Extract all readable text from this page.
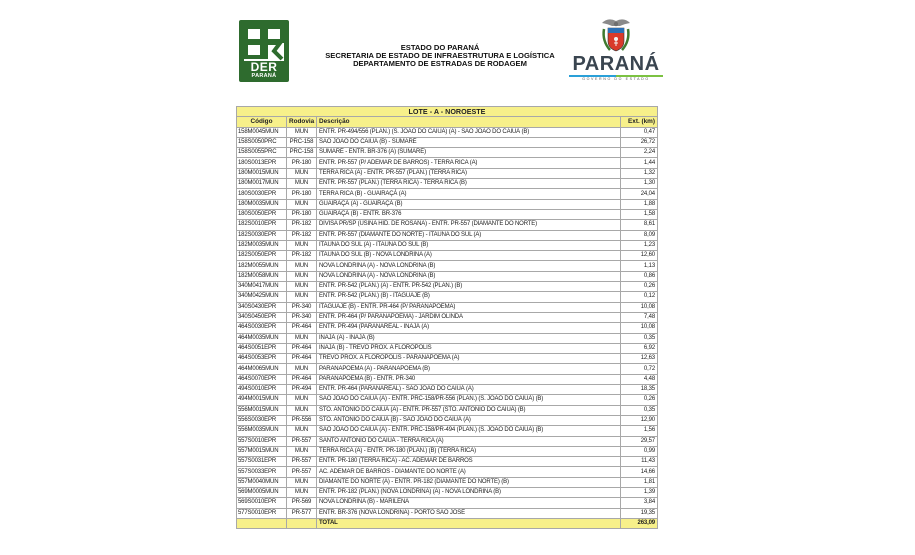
DER
PARANÁ
ESTADO DO PARANÁ
SECRETARIA DE ESTADO DE INFRAESTRUTURA E LOGÍSTICA
DEPARTAMENTO DE ESTRADAS DE RODAGEM	PARANÁ
GOVERNO DO ESTADO
LOTE - A - NOROESTE			
Código	Rodovia	Descrição	Ext. (km)
158M0045MUN	MUN	ENTR. PR-494/556 (PLAN.) (S. JOÃO DO CAIUÁ) (A) - SÃO JOÃO DO CAIUÁ (B)	0,47
158S0050PRC	PRC-158	SÃO JOÃO DO CAIUÁ (B) - SUMARÉ	26,72
158S0055PRC	PRC-158	SUMARÉ - ENTR. BR-376 (A) (SUMARÉ)	2,24
180S0013EPR	PR-180	ENTR. PR-557 (P/ ADEMAR DE BARROS) - TERRA RICA (A)	1,44
180M0015MUN	MUN	TERRA RICA (A) - ENTR. PR-557 (PLAN.) (TERRA RICA)	1,32
180M0017MUN	MUN	ENTR. PR-557 (PLAN.) (TERRA RICA) - TERRA RICA (B)	1,30
180S0030EPR	PR-180	TERRA RICA (B) - GUAIRAÇÁ (A)	24,04
180M0035MUN	MUN	GUAIRAÇÁ (A) - GUAIRAÇÁ (B)	1,88
180S0050EPR	PR-180	GUAIRAÇÁ (B) - ENTR. BR-376	1,58
182S0010EPR	PR-182	DIVISA PR/SP (USINA HID. DE ROSANA) - ENTR. PR-557 (DIAMANTE DO NORTE)	8,61
182S0030EPR	PR-182	ENTR. PR-557 (DIAMANTE DO NORTE) - ITAÚNA DO SUL (A)	8,09
182M0035MUN	MUN	ITAÚNA DO SUL (A) - ITAÚNA DO SUL (B)	1,23
182S0050EPR	PR-182	ITAÚNA DO SUL (B) - NOVA LONDRINA (A)	12,60
182M0055MUN	MUN	NOVA LONDRINA (A) - NOVA LONDRINA (B)	1,13
182M0058MUN	MUN	NOVA LONDRINA (A) - NOVA LONDRINA (B)	0,86
340M0417MUN	MUN	ENTR. PR-542 (PLAN.) (A) - ENTR. PR-542 (PLAN.) (B)	0,26
340M0425MUN	MUN	ENTR. PR-542 (PLAN.) (B) - ITAGUAJÉ (B)	0,12
340S0430EPR	PR-340	ITAGUAJÉ (B) - ENTR. PR-464 (P/ PARANAPOEMA)	10,08
340S0450EPR	PR-340	ENTR. PR-464 (P/ PARANAPOEMA) - JARDIM OLINDA	7,48
464S0030EPR	PR-464	ENTR. PR-494 (PARANAREAL - INAJÁ (A)	10,08
464M0035MUN	MUN	INAJÁ (A) - INAJÁ (B)	0,35
464S0051EPR	PR-464	INAJÁ (B) - TREVO PRÓX. A FLORÓPOLIS	6,92
464S0053EPR	PR-464	TREVO PRÓX. A FLORÓPOLIS - PARANAPOEMA (A)	12,63
464M0065MUN	MUN	PARANAPOEMA (A) - PARANAPOEMA (B)	0,72
464S0070EPR	PR-464	PARANAPOEMA (B) - ENTR. PR-340	4,48
494S0010EPR	PR-494	ENTR. PR-464 (PARANAREAL) - SÃO JOÃO DO CAIUÁ (A)	18,35
494M0015MUN	MUN	SÃO JOÃO DO CAIUÁ (A) - ENTR. PRC-158/PR-556 (PLAN.) (S. JOÃO DO CAIUÁ) (B)	0,26
556M0015MUN	MUN	STO. ANTONIO DO CAIUÁ (A) - ENTR. PR-557 (STO. ANTONIO DO CAIUÁ) (B)	0,35
556S0030EPR	PR-556	STO. ANTONIO DO CAIUÁ (B) - SÃO JOÃO DO CAIUÁ (A)	12,90
556M0035MUN	MUN	SÃO JOÃO DO CAIUÁ (A) - ENTR. PRC-158/PR-494 (PLAN.) (S. JOÃO DO CAIUÁ) (B)	1,56
557S0010EPR	PR-557	SANTO ANTONIO DO CAIUÁ - TERRA RICA (A)	29,57
557M0015MUN	MUN	TERRA RICA (A) - ENTR. PR-180 (PLAN.) (B) (TERRA RICA)	0,99
557S0031EPR	PR-557	ENTR. PR-180 (TERRA RICA) - AC. ADEMAR DE BARROS	11,43
557S0033EPR	PR-557	AC. ADEMAR DE BARROS - DIAMANTE DO NORTE (A)	14,66
557M0040MUN	MUN	DIAMANTE DO NORTE (A) - ENTR. PR-182 (DIAMANTE DO NORTE) (B)	1,81
569M0005MUN	MUN	ENTR. PR-182 (PLAN.) (NOVA LONDRINA) (A) - NOVA LONDRINA (B)	1,39
569S0010EPR	PR-569	NOVA LONDRINA (B) - MARILENA	3,84
577S0010EPR	PR-577	ENTR. BR-376 (NOVA LONDRINA) - PORTO SÃO JOSÉ	19,35
		TOTAL	263,09
